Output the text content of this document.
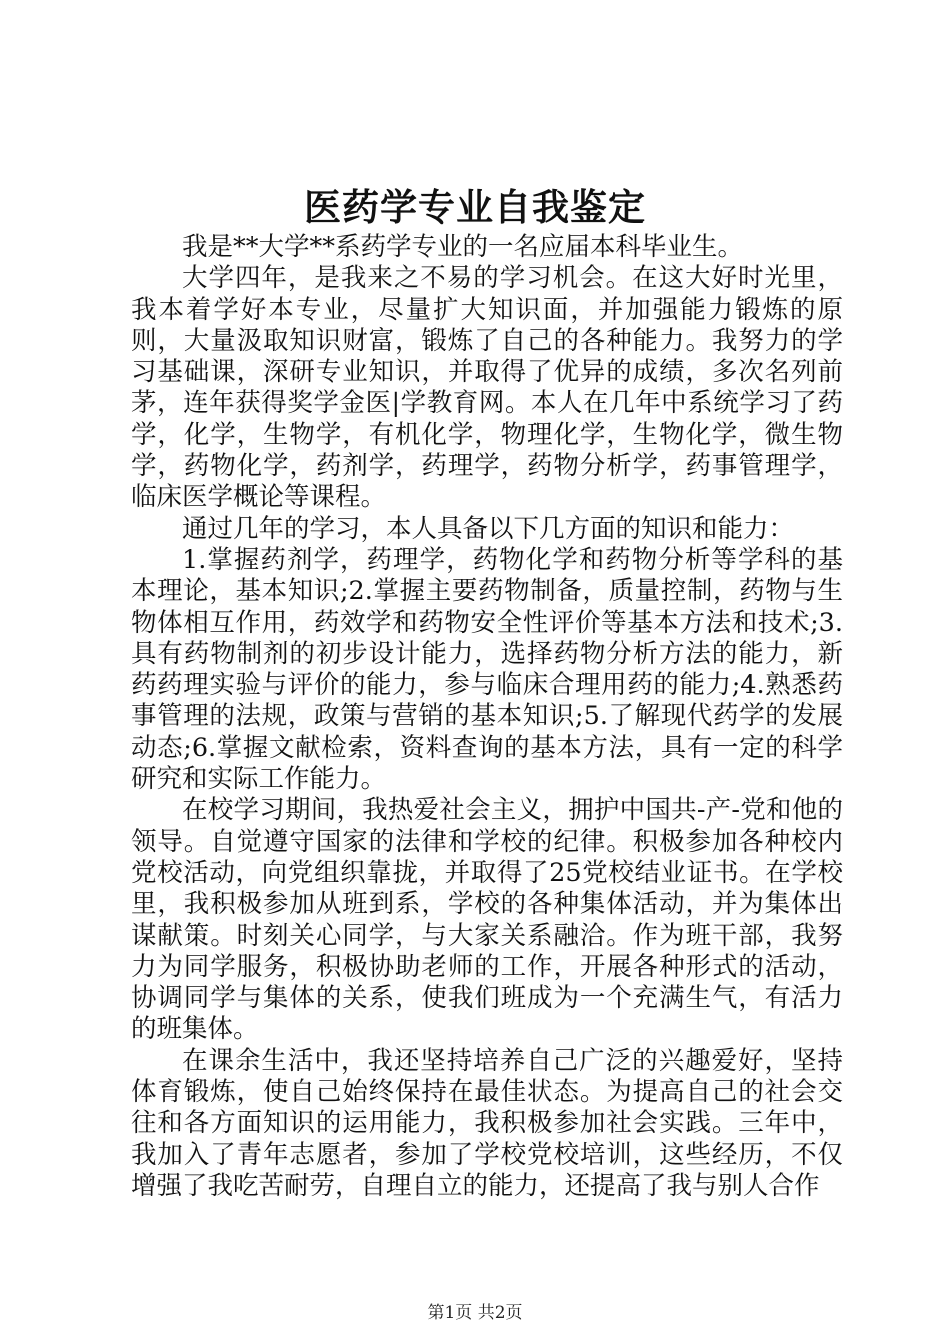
医药学专业自我鉴定

我是**大学**系药学专业的一名应届本科毕业生。

大学四年，是我来之不易的学习机会。在这大好时光里，我本着学好本专业，尽量扩大知识面，并加强能力锻炼的原则，大量汲取知识财富，锻炼了自己的各种能力。我努力的学习基础课，深研专业知识，并取得了优异的成绩，多次名列前茅，连年获得奖学金医|学教育网。本人在几年中系统学习了药学，化学，生物学，有机化学，物理化学，生物化学，微生物学，药物化学，药剂学，药理学，药物分析学，药事管理学，临床医学概论等课程。

通过几年的学习，本人具备以下几方面的知识和能力：

1.掌握药剂学，药理学，药物化学和药物分析等学科的基本理论，基本知识;2.掌握主要药物制备，质量控制，药物与生物体相互作用，药效学和药物安全性评价等基本方法和技术;3.具有药物制剂的初步设计能力，选择药物分析方法的能力，新药药理实验与评价的能力，参与临床合理用药的能力;4.熟悉药事管理的法规，政策与营销的基本知识;5.了解现代药学的发展动态;6.掌握文献检索，资料查询的基本方法，具有一定的科学研究和实际工作能力。

在校学习期间，我热爱社会主义，拥护中国共-产-党和他的领导。自觉遵守国家的法律和学校的纪律。积极参加各种校内党校活动，向党组织靠拢，并取得了25党校结业证书。在学校里，我积极参加从班到系，学校的各种集体活动，并为集体出谋献策。时刻关心同学，与大家关系融洽。作为班干部，我努力为同学服务，积极协助老师的工作，开展各种形式的活动，协调同学与集体的关系，使我们班成为一个充满生气，有活力的班集体。

在课余生活中，我还坚持培养自己广泛的兴趣爱好，坚持体育锻炼，使自己始终保持在最佳状态。为提高自己的社会交往和各方面知识的运用能力，我积极参加社会实践。三年中，我加入了青年志愿者，参加了学校党校培训，这些经历，不仅增强了我吃苦耐劳，自理自立的能力，还提高了我与别人合作

第1页 共2页
